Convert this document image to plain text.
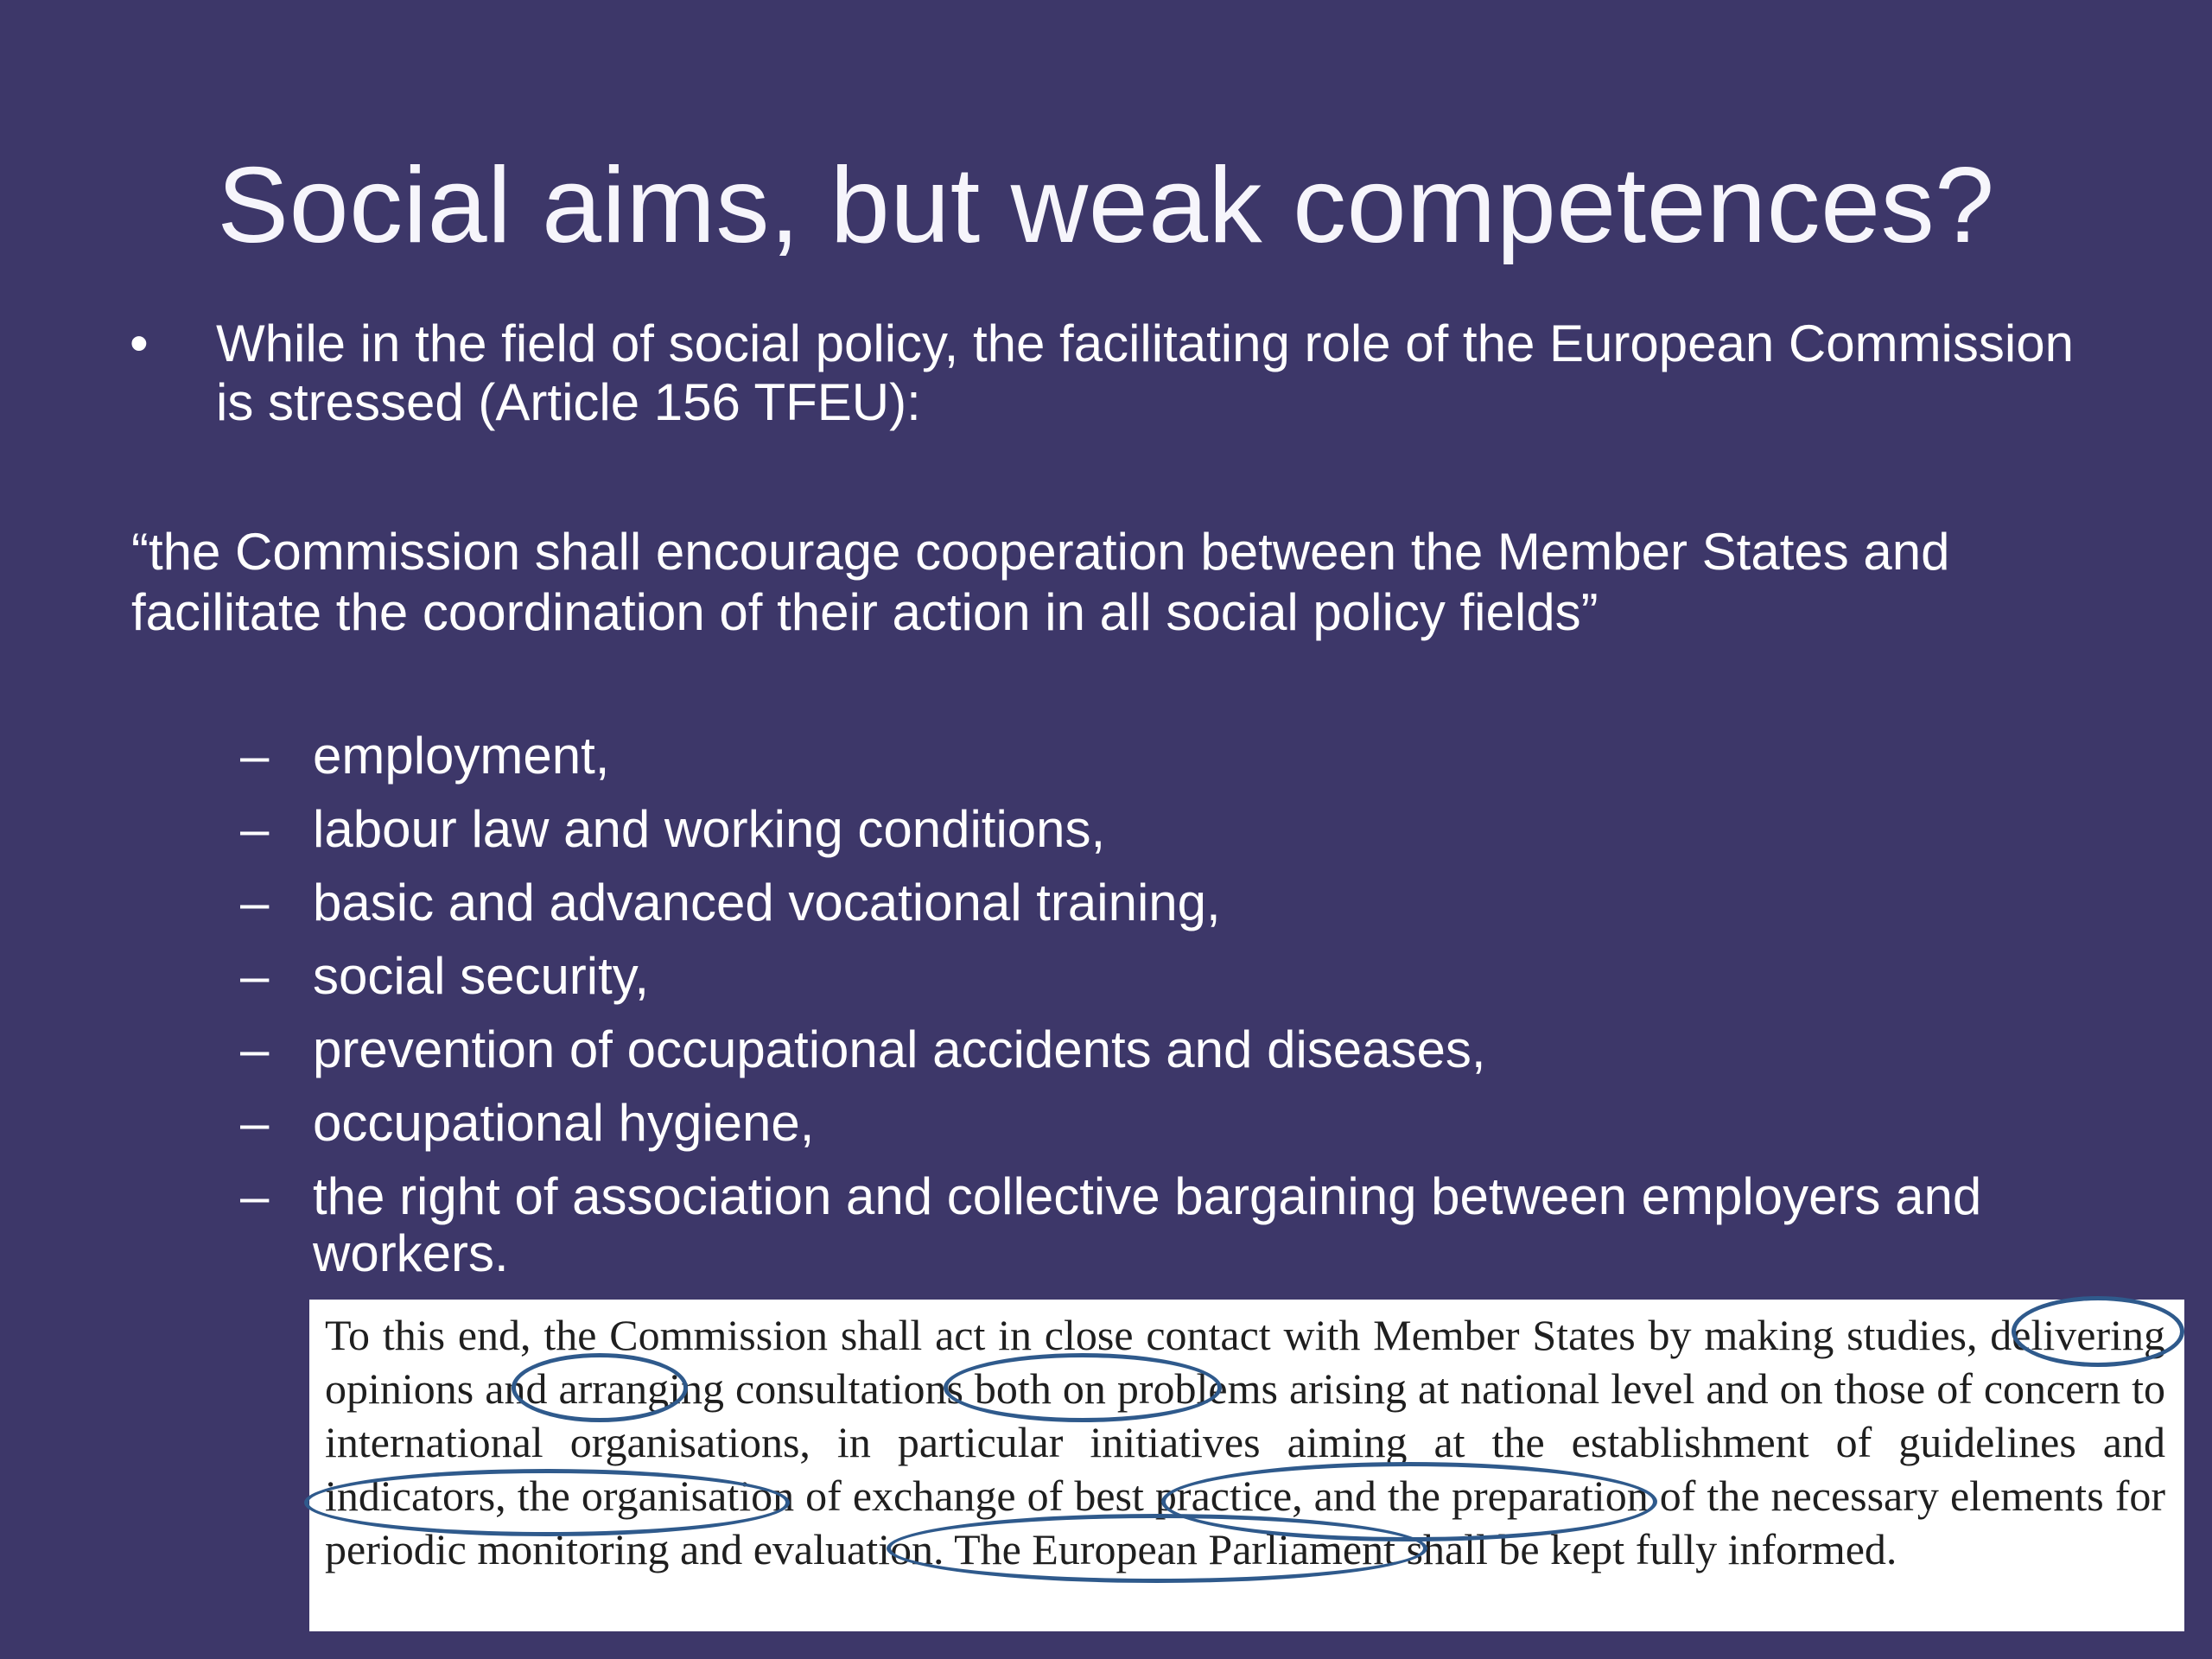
Social aims, but weak competences?
• While in the field of social policy, the facilitating role of the European Commission is stressed (Article 156 TFEU):
“the Commission shall encourage cooperation between the Member States and facilitate the coordination of their action in all social policy fields”
– employment,
– labour law and working conditions,
– basic and advanced vocational training,
– social security,
– prevention of occupational accidents and diseases,
– occupational hygiene,
– the right of association and collective bargaining between employers and workers.

To this end, the Commission shall act in close contact with Member States by making studies, delivering opinions and arranging consultations both on problems arising at national level and on those of concern to international organisations, in particular initiatives aiming at the establishment of guidelines and indicators, the organisation of exchange of best practice, and the preparation of the necessary elements for periodic monitoring and evaluation. The European Parliament shall be kept fully informed.
